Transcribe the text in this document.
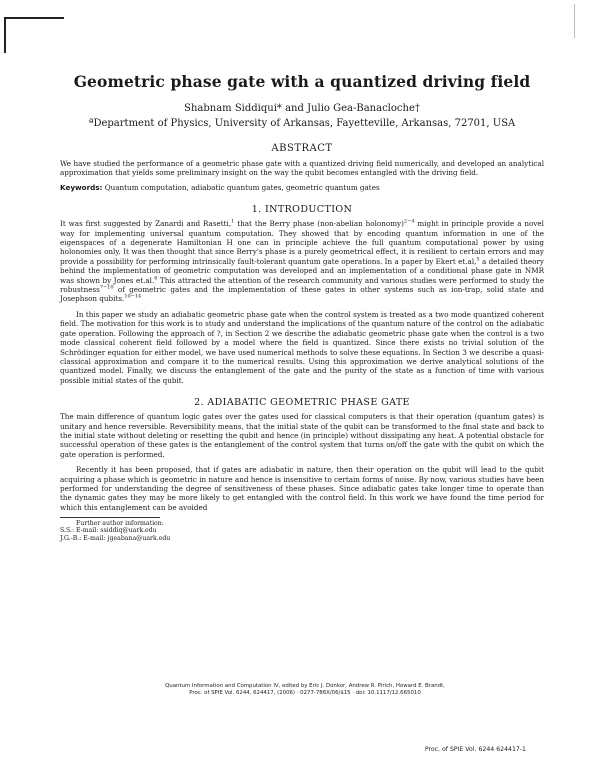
Geometric phase gate with a quantized driving field
Shabnam Siddiqui* and Julio Gea-Banacloche†
ªDepartment of Physics, University of Arkansas, Fayetteville, Arkansas, 72701, USA
ABSTRACT

We have studied the performance of a geometric phase gate with a quantized driving field numerically, and developed an analytical approximation that yields some preliminary insight on the way the qubit becomes entangled with the driving field.

Keywords: Quantum computation, adiabatic quantum gates, geometric quantum gates

1. INTRODUCTION

It was first suggested by Zanardi and Rasetti,$^1$ that the Berry phase (non-abelian holonomy)$^{2-4}$ might in principle provide a novel way for implementing universal quantum computation. They showed that by encoding quantum information in one of the eigenspaces of a degenerate Hamiltonian H one can in principle achieve the full quantum computational power by using holonomies only. It was then thought that since Berry's phase is a purely geometrical effect, it is resilient to certain errors and may provide a possibility for performing intrinsically fault-tolerant quantum gate operations. In a paper by Ekert et.al,$^5$ a detailed theory behind the implementation of geometric computation was developed and an implementation of a conditional phase gate in NMR was shown by Jones et.al.$^6$ This attracted the attention of the research community and various studies were performed to study the robustness$^{7-10}$ of geometric gates and the implementation of these gates in other systems such as ion-trap, solid state and Josephson qubits.$^{10-14}$

In this paper we study an adiabatic geometric phase gate when the control system is treated as a two mode quantized coherent field. The motivation for this work is to study and understand the implications of the quantum nature of the control on the adiabatic gate operation. Following the approach of ?, in Section 2 we describe the adiabatic geometric phase gate when the control is a two mode classical coherent field followed by a model where the field is quantized. Since there exists no trivial solution of the Schrödinger equation for either model, we have used numerical methods to solve these equations. In Section 3 we describe a quasi-classical approximation and compare it to the numerical results. Using this approximation we derive analytical solutions of the quantized model. Finally, we discuss the entanglement of the gate and the purity of the state as a function of time with various possible initial states of the qubit.

2. ADIABATIC GEOMETRIC PHASE GATE

The main difference of quantum logic gates over the gates used for classical computers is that their operation (quantum gates) is unitary and hence reversible. Reversibility means, that the initial state of the qubit can be transformed to the final state and back to the initial state without deleting or resetting the qubit and hence (in principle) without dissipating any heat. A potential obstacle for successful operation of these gates is the entanglement of the control system that turns on/off the gate with the qubit on which the gate operation is performed.

Recently it has been proposed, that if gates are adiabatic in nature, then their operation on the qubit will lead to the qubit acquiring a phase which is geometric in nature and hence is insensitive to certain forms of noise. By now, various studies have been performed for understanding the degree of sensitiveness of these phases. Since adiabatic gates take longer time to operate than the dynamic gates they may be more likely to get entangled with the control field. In this work we have found the time period for which this entanglement can be avoided

Further author information:
S.S.: E-mail: ssiddiq@uark.edu
J.G.-B.: E-mail: jgeabana@uark.edu
Quantum Information and Computation IV, edited by Eric J. Donkor, Andrew R. Pirich, Howard E. Brandt,
Proc. of SPIE Vol. 6244, 624417, (2006) · 0277-786X/06/$15 · doi: 10.1117/12.665010
Proc. of SPIE Vol. 6244 624417-1
